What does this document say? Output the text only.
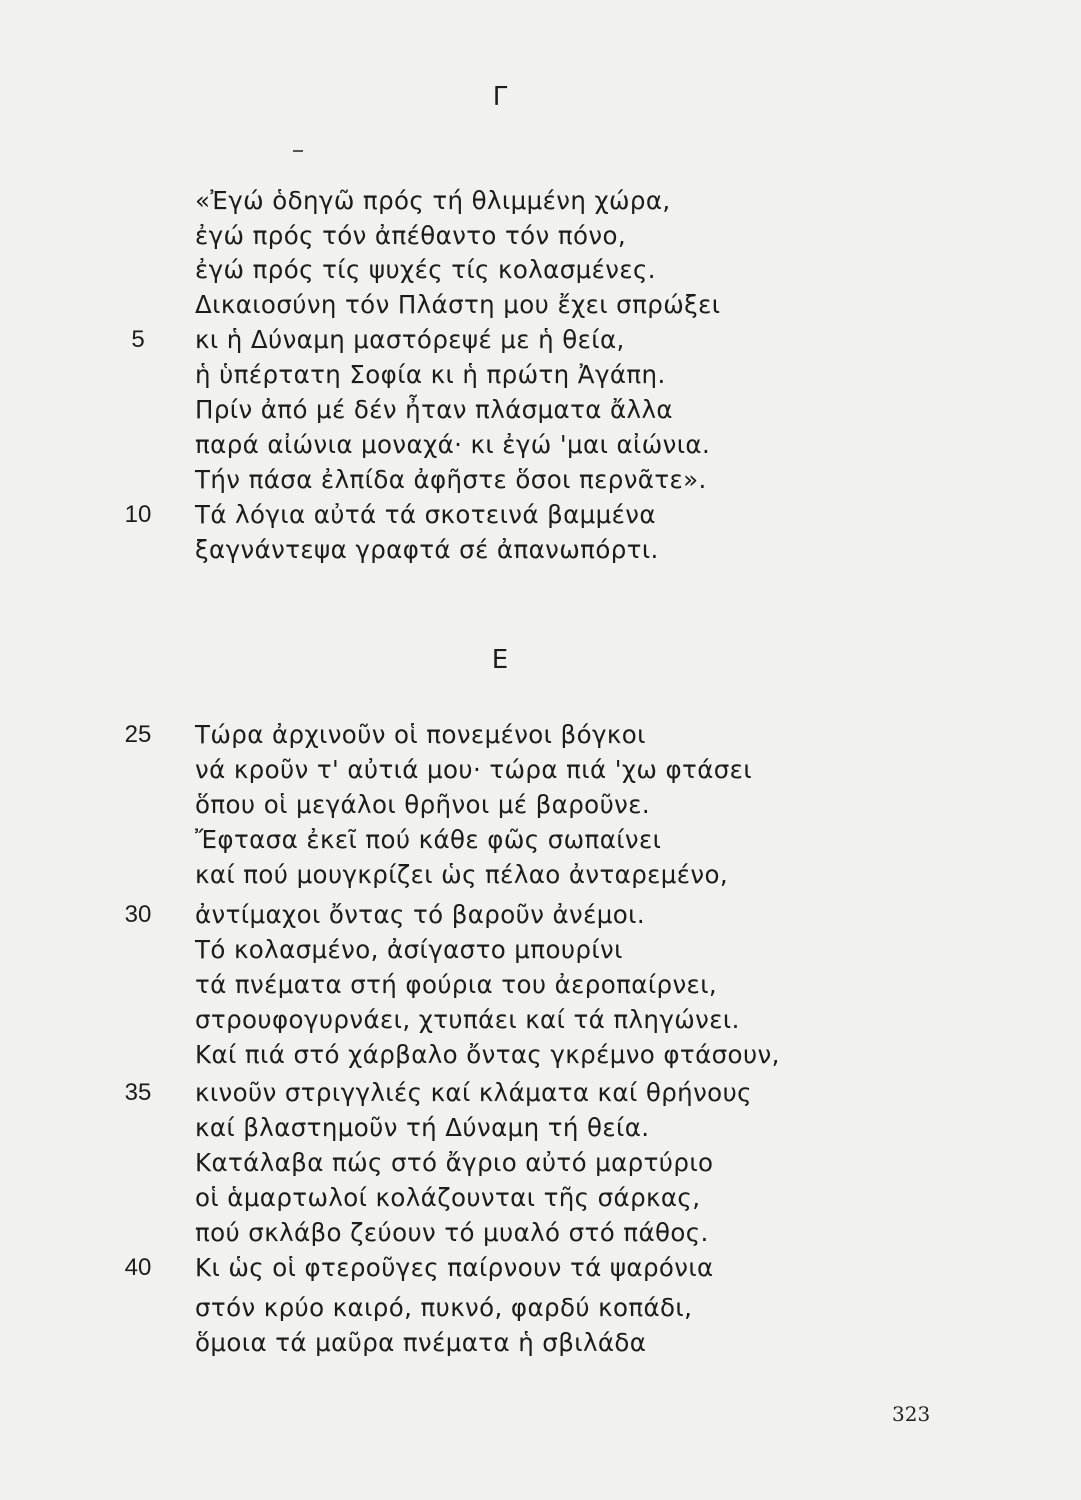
Γ
«Ἐγώ ὁδηγῶ πρός τή θλιμμένη χώρα,
ἐγώ πρός τόν ἀπέθαντο τόν πόνο,
ἐγώ πρός τίς ψυχές τίς κολασμένες.
Δικαιοσύνη τόν Πλάστη μου ἔχει σπρώξει
κι ἡ Δύναμη μαστόρεψέ με ἡ θεία,
5
ἡ ὑπέρτατη Σοφία κι ἡ πρώτη Ἀγάπη.
Πρίν ἀπό μέ δέν ἦταν πλάσματα ἄλλα
παρά αἰώνια μοναχά· κι ἐγώ 'μαι αἰώνια.
Τήν πάσα ἐλπίδα ἀφῆστε ὅσοι περνᾶτε».
Τά λόγια αὐτά τά σκοτεινά βαμμένα
10
ξαγνάντεψα γραφτά σέ ἀπανωπόρτι.
Ε
Τώρα ἀρχινοῦν οἱ πονεμένοι βόγκοι
25
νά κροῦν τ' αὐτιά μου· τώρα πιά 'χω φτάσει
ὅπου οἱ μεγάλοι θρῆνοι μέ βαροῦνε.
Ἔφτασα ἐκεῖ πού κάθε φῶς σωπαίνει
καί πού μουγκρίζει ὡς πέλαο ἀνταρεμένο,
ἀντίμαχοι ὄντας τό βαροῦν ἀνέμοι.
30
Τό κολασμένο, ἀσίγαστο μπουρίνι
τά πνέματα στή φούρια του ἀεροπαίρνει,
στρουφογυρνάει, χτυπάει καί τά πληγώνει.
Καί πιά στό χάρβαλο ὄντας γκρέμνο φτάσουν,
κινοῦν στριγγλιές καί κλάματα καί θρήνους
35
καί βλαστημοῦν τή Δύναμη τή θεία.
Κατάλαβα πώς στό ἄγριο αὐτό μαρτύριο
οἱ ἁμαρτωλοί κολάζουνται τῆς σάρκας,
πού σκλάβο ζεύουν τό μυαλό στό πάθος.
Κι ὡς οἱ φτεροῦγες παίρνουν τά ψαρόνια
40
στόν κρύο καιρό, πυκνό, φαρδύ κοπάδι,
ὅμοια τά μαῦρα πνέματα ἡ σβιλάδα
323
